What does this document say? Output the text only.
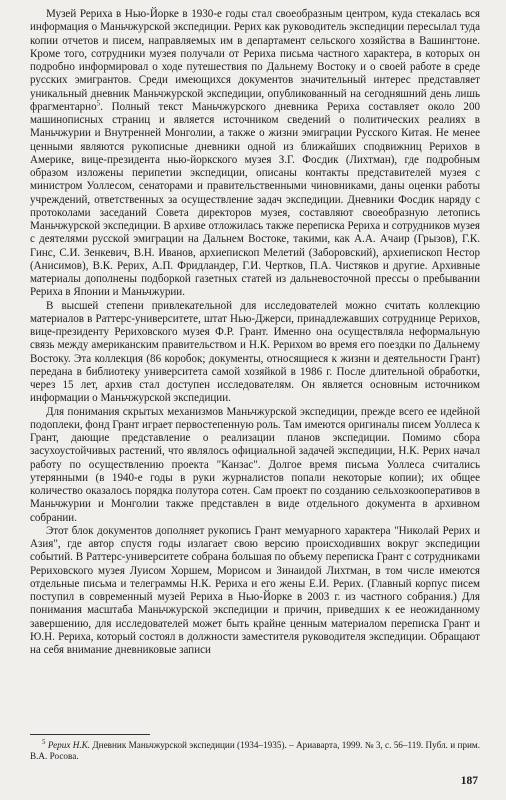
Музей Рериха в Нью-Йорке в 1930-е годы стал своеобразным центром, куда стекалась вся информация о Маньчжурской экспедиции. Рерих как руководитель экспедиции пересылал туда копии отчетов и писем, направляемых им в департамент сельского хозяйства в Вашингтоне. Кроме того, сотрудники музея получали от Рериха письма частного характера, в которых он подробно информировал о ходе путешествия по Дальнему Востоку и о своей работе в среде русских эмигрантов. Среди имеющихся документов значительный интерес представляет уникальный дневник Маньчжурской экспедиции, опубликованный на сегодняшний день лишь фрагментарно$^5$. Полный текст Маньчжурского дневника Рериха составляет около 200 машинописных страниц и является источником сведений о политических реалиях в Маньчжурии и Внутренней Монголии, а также о жизни эмиграции Русского Китая. Не менее ценными являются рукописные дневники одной из ближайших сподвижниц Рерихов в Америке, вице-президента нью-йоркского музея З.Г. Фосдик (Лихтман), где подробным образом изложены перипетии экспедиции, описаны контакты представителей музея с министром Уоллесом, сенаторами и правительственными чиновниками, даны оценки работы учреждений, ответственных за осуществление задач экспедиции. Дневники Фосдик наряду с протоколами заседаний Совета директоров музея, составляют своеобразную летопись Маньчжурской экспедиции. В архиве отложилась также переписка Рериха и сотрудников музея с деятелями русской эмиграции на Дальнем Востоке, такими, как А.А. Ачаир (Грызов), Г.К. Гинс, С.И. Зенкевич, В.Н. Иванов, архиепископ Мелетий (Заборовский), архиепископ Нестор (Анисимов), В.К. Рерих, А.П. Фридландер, Г.И. Чертков, П.А. Чистяков и другие. Архивные материалы дополнены подборкой газетных статей из дальневосточной прессы о пребывании Рериха в Японии и Маньчжурии.

В высшей степени привлекательной для исследователей можно считать коллекцию материалов в Раттерс-университете, штат Нью-Джерси, принадлежавших сотруднице Рерихов, вице-президенту Рериховского музея Ф.Р. Грант. Именно она осуществляла неформальную связь между американским правительством и Н.К. Рерихом во время его поездки по Дальнему Востоку. Эта коллекция (86 коробок; документы, относящиеся к жизни и деятельности Грант) передана в библиотеку университета самой хозяйкой в 1986 г. После длительной обработки, через 15 лет, архив стал доступен исследователям. Он является основным источником информации о Маньчжурской экспедиции.

Для понимания скрытых механизмов Маньчжурской экспедиции, прежде всего ее идейной подоплеки, фонд Грант играет первостепенную роль. Там имеются оригиналы писем Уоллеса к Грант, дающие представление о реализации планов экспедиции. Помимо сбора засухоустойчивых растений, что являлось официальной задачей экспедиции, Н.К. Рерих начал работу по осуществлению проекта "Канзас". Долгое время письма Уоллеса считались утерянными (в 1940-е годы в руки журналистов попали некоторые копии); их общее количество оказалось порядка полутора сотен. Сам проект по созданию сельхозкооперативов в Маньчжурии и Монголии также представлен в виде отдельного документа в архивном собрании.

Этот блок документов дополняет рукопись Грант мемуарного характера "Николай Рерих и Азия", где автор спустя годы излагает свою версию происходивших вокруг экспедиции событий. В Раттерс-университете собрана большая по объему переписка Грант с сотрудниками Рериховского музея Луисом Хоршем, Морисом и Зинаидой Лихтман, в том числе имеются отдельные письма и телеграммы Н.К. Рериха и его жены Е.И. Рерих. (Главный корпус писем поступил в современный музей Рериха в Нью-Йорке в 2003 г. из частного собрания.) Для понимания масштаба Маньчжурской экспедиции и причин, приведших к ее неожиданному завершению, для исследователей может быть крайне ценным материалом переписка Грант и Ю.Н. Рериха, который состоял в должности заместителя руководителя экспедиции. Обращают на себя внимание дневниковые записи

$^5$ Рерих Н.К. Дневник Маньчжурской экспедиции (1934–1935). – Ариаварта, 1999. № 3, с. 56–119. Публ. и прим. В.А. Росова.
187
